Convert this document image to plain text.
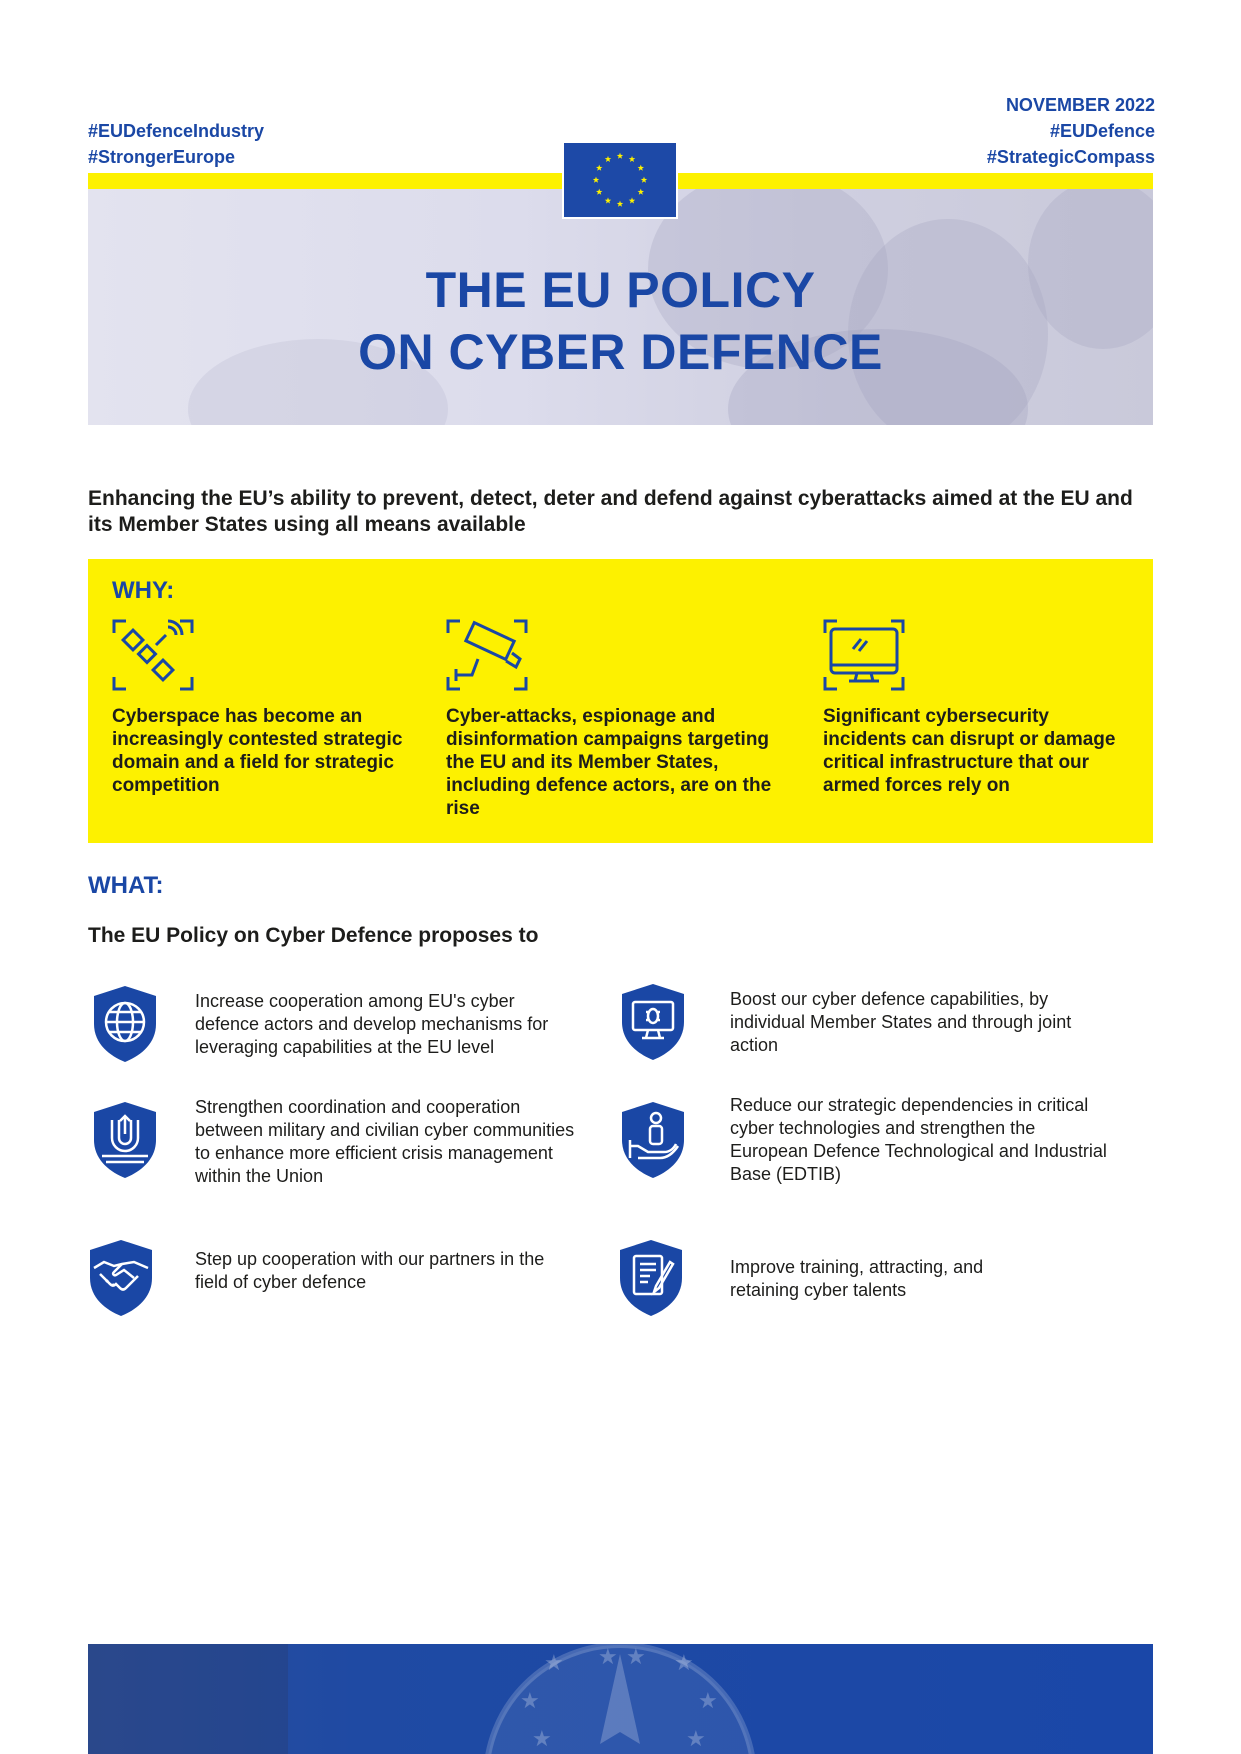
#EUDefenceIndustry
#StrongerEurope
NOVEMBER 2022
#EUDefence
#StrategicCompass
THE EU POLICY
ON CYBER DEFENCE
Enhancing the EU’s ability to prevent, detect, deter and defend against cyberattacks aimed at the EU and its Member States using all means available
WHY:
Cyberspace has become an increasingly contested strategic domain and a field for strategic competition
Cyber-attacks, espionage and disinformation campaigns targeting the EU and its Member States, including defence actors, are on the rise
Significant cybersecurity incidents can disrupt or damage critical infrastructure that our armed forces rely on
WHAT:
The EU Policy on Cyber Defence proposes to
Increase cooperation among EU's cyber defence actors and develop mechanisms for leveraging capabilities at the EU level
Boost our cyber defence capabilities, by individual Member States and through joint action
Strengthen coordination and cooperation between military and civilian cyber communities to enhance more efficient crisis management within the Union
Reduce our strategic dependencies in critical cyber technologies and strengthen the European Defence Technological and Industrial Base (EDTIB)
Step up cooperation with our partners in the field of cyber defence
Improve training, attracting, and retaining cyber talents
★	★
★	★
★	★
★ ★
